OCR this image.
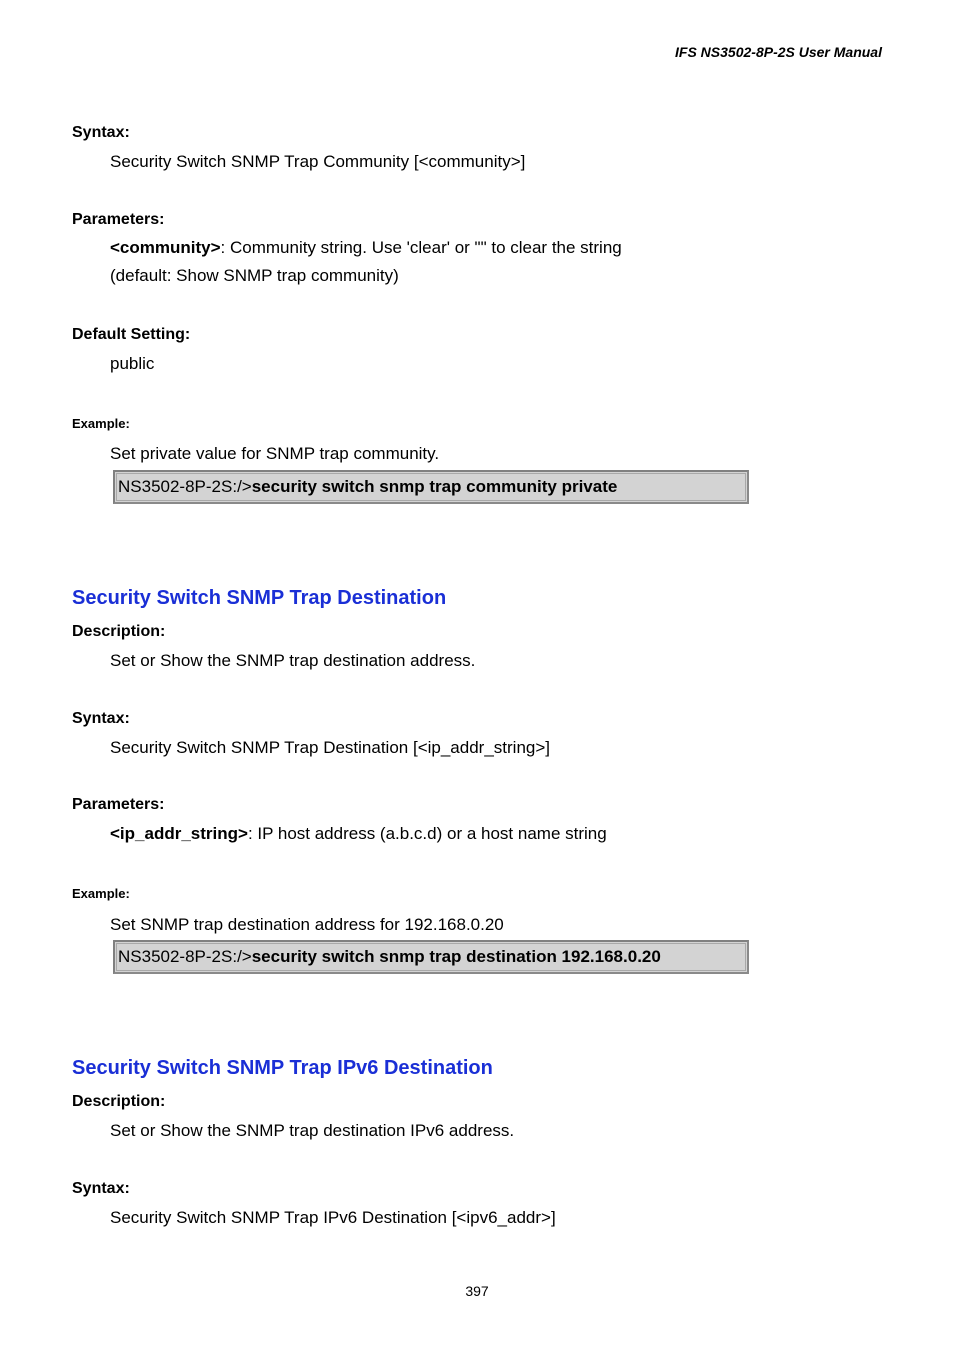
IFS NS3502-8P-2S User Manual
Syntax:
Security Switch SNMP Trap Community [<community>]
Parameters:
<community>: Community string. Use 'clear' or "" to clear the string
(default: Show SNMP trap community)
Default Setting:
public
Example:
Set private value for SNMP trap community.
NS3502-8P-2S:/>security switch snmp trap community private
Security Switch SNMP Trap Destination
Description:
Set or Show the SNMP trap destination address.
Syntax:
Security Switch SNMP Trap Destination [<ip_addr_string>]
Parameters:
<ip_addr_string>: IP host address (a.b.c.d) or a host name string
Example:
Set SNMP trap destination address for 192.168.0.20
NS3502-8P-2S:/>security switch snmp trap destination 192.168.0.20
Security Switch SNMP Trap IPv6 Destination
Description:
Set or Show the SNMP trap destination IPv6 address.
Syntax:
Security Switch SNMP Trap IPv6 Destination [<ipv6_addr>]
397
